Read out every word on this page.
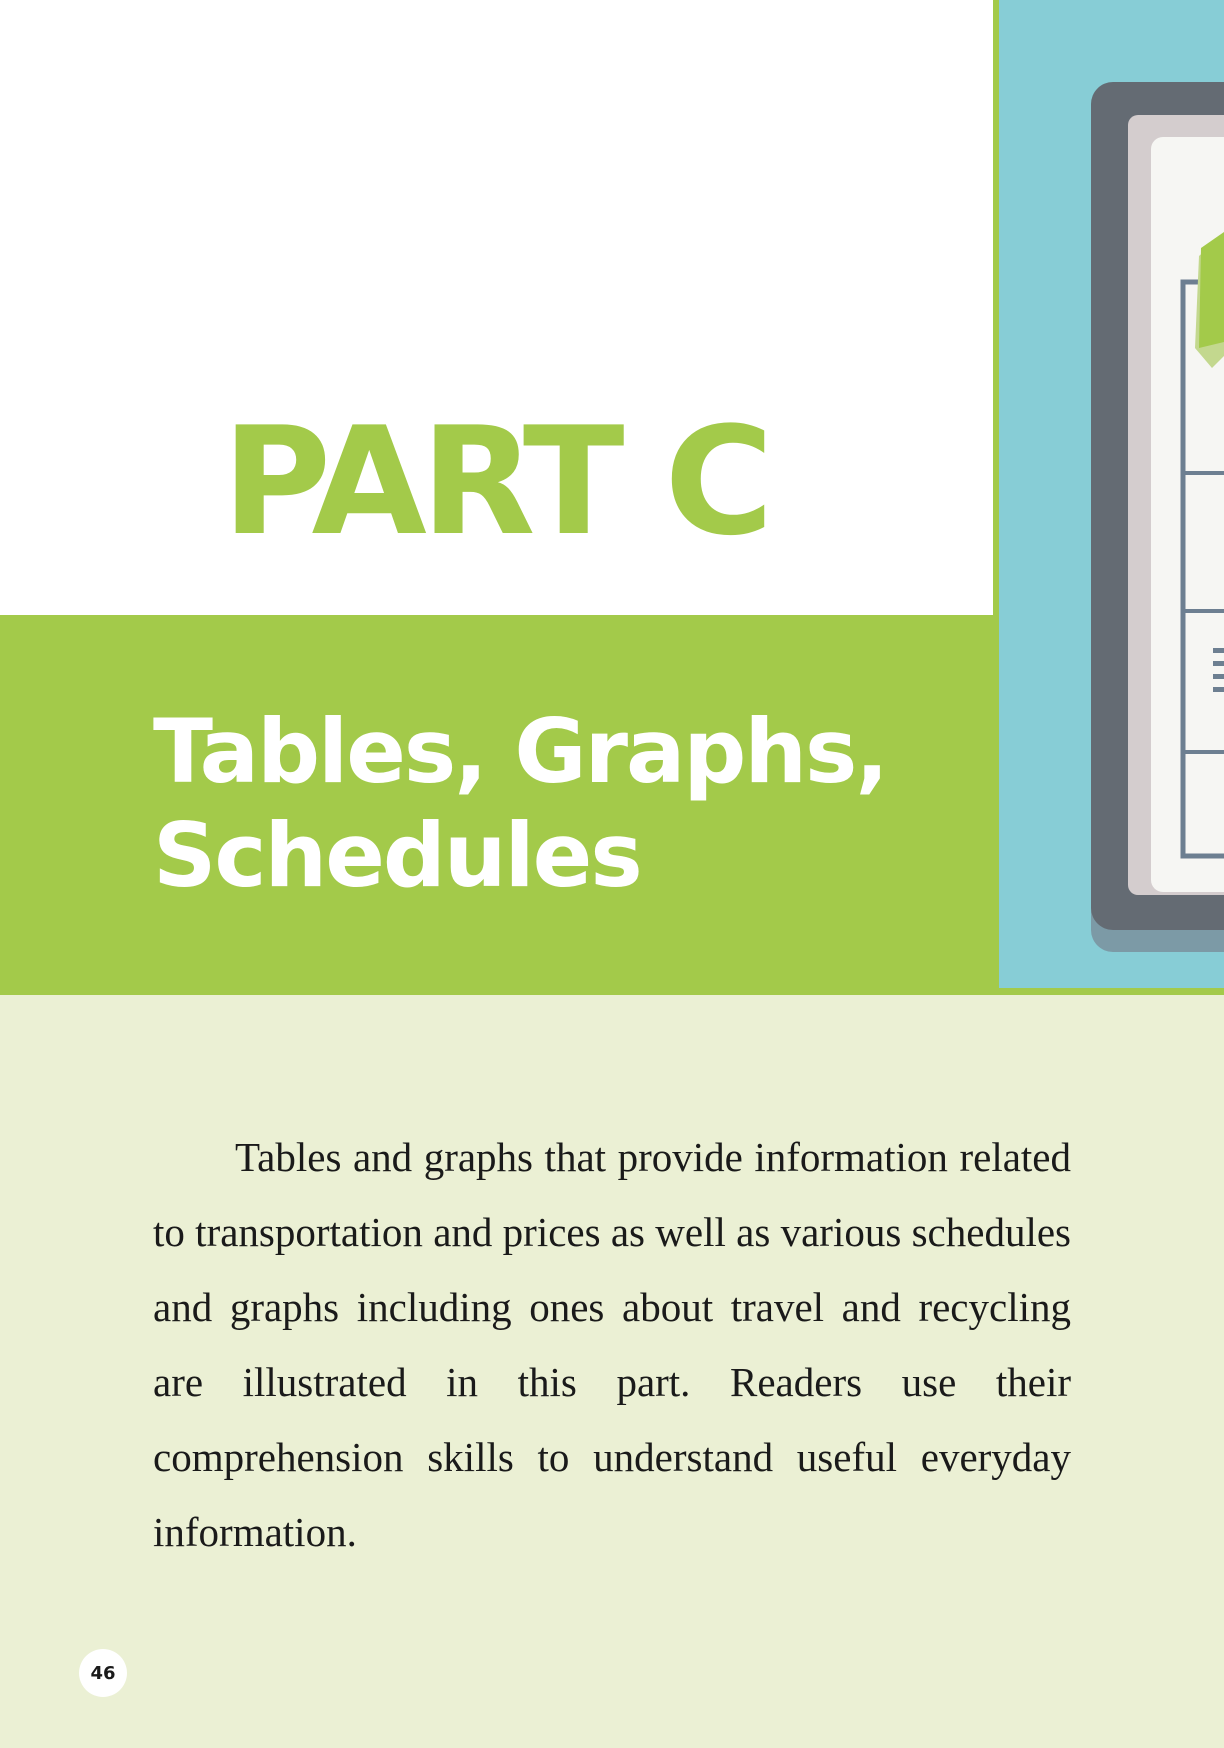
PART C
Tables, Graphs,
Schedules

Tables and graphs that provide information related to transportation and prices as well as various schedules and graphs including ones about travel and recycling are illustrated in this part. Readers use their comprehension skills to understand useful everyday information.

46
